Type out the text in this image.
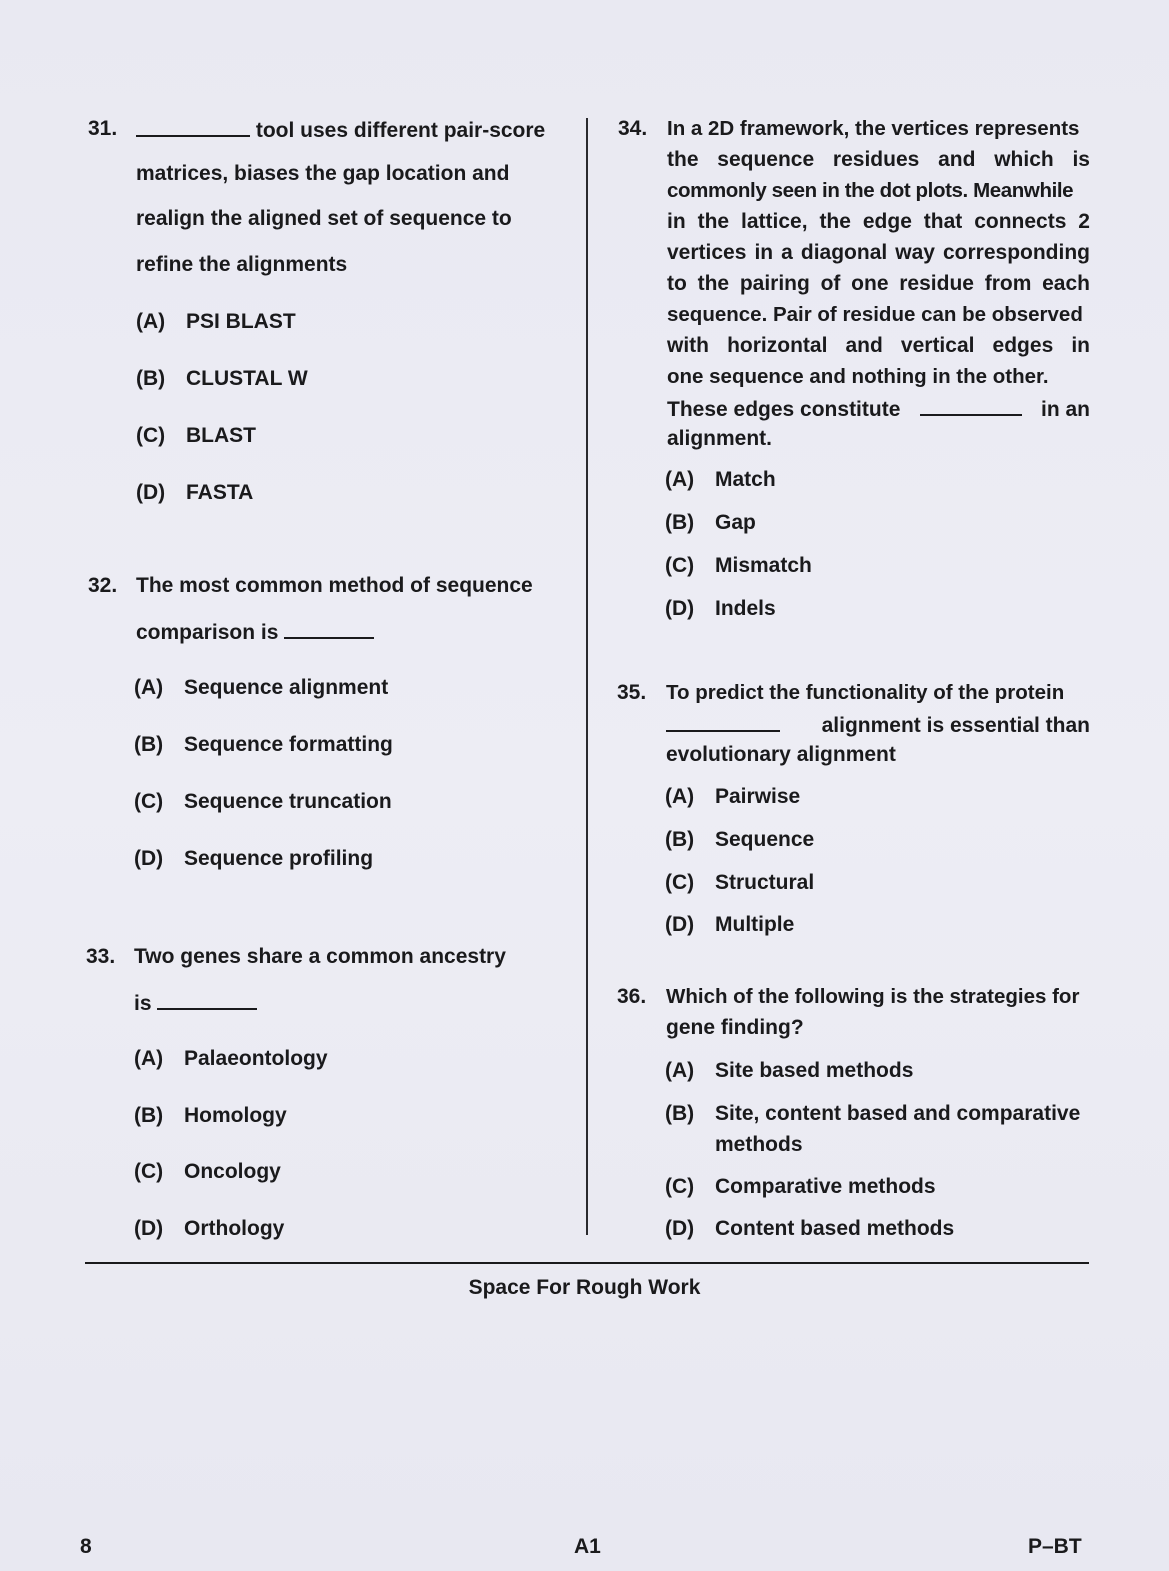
31.	tool uses different pair-score
matrices, biases the gap location and
realign the aligned set of sequence to
refine the alignments
(A) PSI BLAST
(B) CLUSTAL W
(C) BLAST
(D) FASTA
32. The most common method of sequence
comparison is
(A) Sequence alignment
(B) Sequence formatting
(C) Sequence truncation
(D) Sequence profiling
33. Two genes share a common ancestry
is
(A) Palaeontology
(B) Homology
(C) Oncology
(D) Orthology
34. In a 2D framework, the vertices represents
the sequence residues and which is
commonly seen in the dot plots. Meanwhile
in the lattice, the edge that connects 2
vertices in a diagonal way corresponding
to the pairing of one residue from each
sequence. Pair of residue can be observed
with horizontal and vertical edges in
one sequence and nothing in the other.
These edges constitute	in an
alignment.
(A) Match
(B) Gap
(C) Mismatch
(D) Indels
35. To predict the functionality of the protein
alignment is essential than
evolutionary alignment
(A) Pairwise
(B) Sequence
(C) Structural
(D) Multiple
36. Which of the following is the strategies for
gene finding?
(A) Site based methods
(B) Site, content based and comparative
methods
(C) Comparative methods
(D) Content based methods
Space For Rough Work
8	A1	P–BT
